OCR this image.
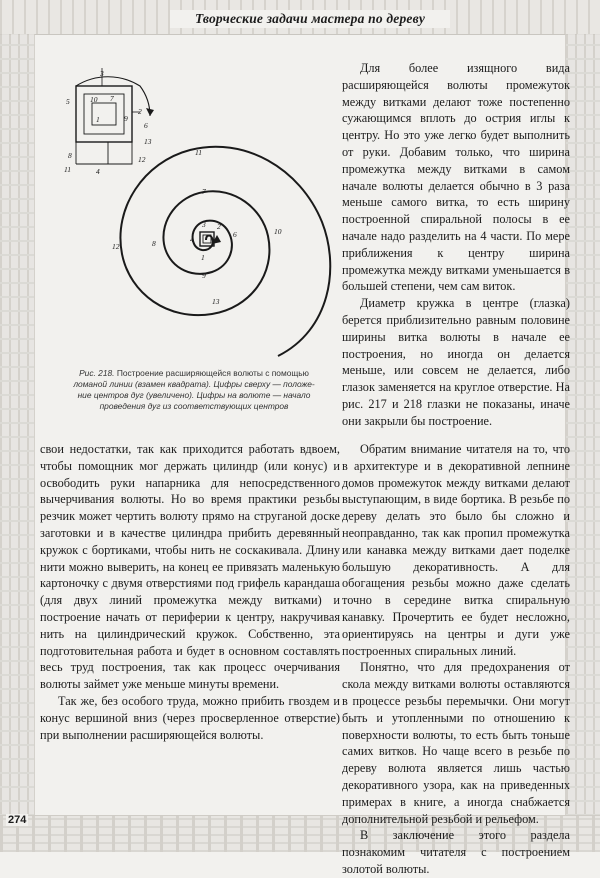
Творческие задачи мастера по дереву
3
13
2
6
9
7
10
5
1
8
11
12
4
3 2
4
1
6
7
8
9
10
11
12
13
Рис. 218. Построение расширяющейся волюты с помощью
ломаной линии (взамен квадрата). Цифры сверху — положе-
ние центров дуг (увеличено). Цифры на волюте — начало
проведения дуг из соответствующих центров

Для более изящного вида расширяющейся волюты промежуток между витками делают тоже постепенно сужающимся вплоть до острия иглы к центру. Но это уже легко будет выполнить от руки. Добавим только, что ширина промежутка между витками в самом начале волюты делается обычно в 3 раза меньше самого витка, то есть ширину построенной спиральной полосы в ее начале надо разделить на 4 части. По мере приближения к центру ширина промежутка между витками уменьшается в большей степени, чем сам виток.

Диаметр кружка в центре (глазка) берется приблизительно равным половине ширины витка волюты в начале ее построения, но иногда он делается меньше, или совсем не делается, либо глазок заменяется на круглое отверстие. На рис. 217 и 218 глазки не показаны, иначе они закрыли бы построение.

свои недостатки, так как приходится работать вдвоем, чтобы помощник мог держать цилиндр (или конус) и освободить руки напарника для непосредственного вычерчивания волюты. Но во время практики резьбы резчик может чертить волюту прямо на струганой доске заготовки и в качестве цилиндра прибить деревянный кружок с бортиками, чтобы нить не соскакивала. Длину нити можно выверить, на конец ее привязать маленькую картоночку с двумя отверстиями под грифель карандаша (для двух линий промежутка между витками) и построение начать от периферии к центру, накручивая нить на цилиндрический кружок. Собственно, эта подготовительная работа и будет в основном составлять весь труд построения, так как процесс очерчивания волюты займет уже меньше минуты времени.

Так же, без особого труда, можно прибить гвоздем и конус вершиной вниз (через просверленное отверстие) при выполнении расширяющейся волюты.

Обратим внимание читателя на то, что в архитектуре и в декоративной лепнине домов промежуток между витками делают выступающим, в виде бортика. В резьбе по дереву делать это было бы сложно и неоправданно, так как пропил промежутка или канавка между витками дает поделке большую декоративность. А для обогащения резьбы можно даже сделать точно в середине витка спиральную канавку. Прочертить ее будет несложно, ориентируясь на центры и дуги уже построенных спиральных линий.

Понятно, что для предохранения от скола между витками волюты оставляются в процессе резьбы перемычки. Они могут быть и утопленными по отношению к поверхности волюты, то есть быть тоньше самих витков. Но чаще всего в резьбе по дереву волюта является лишь частью декоративного узора, как на приведенных примерах в книге, а иногда снабжается дополнительной резьбой и рельефом.

В заключение этого раздела познакомим читателя с построением золотой волюты.

274
